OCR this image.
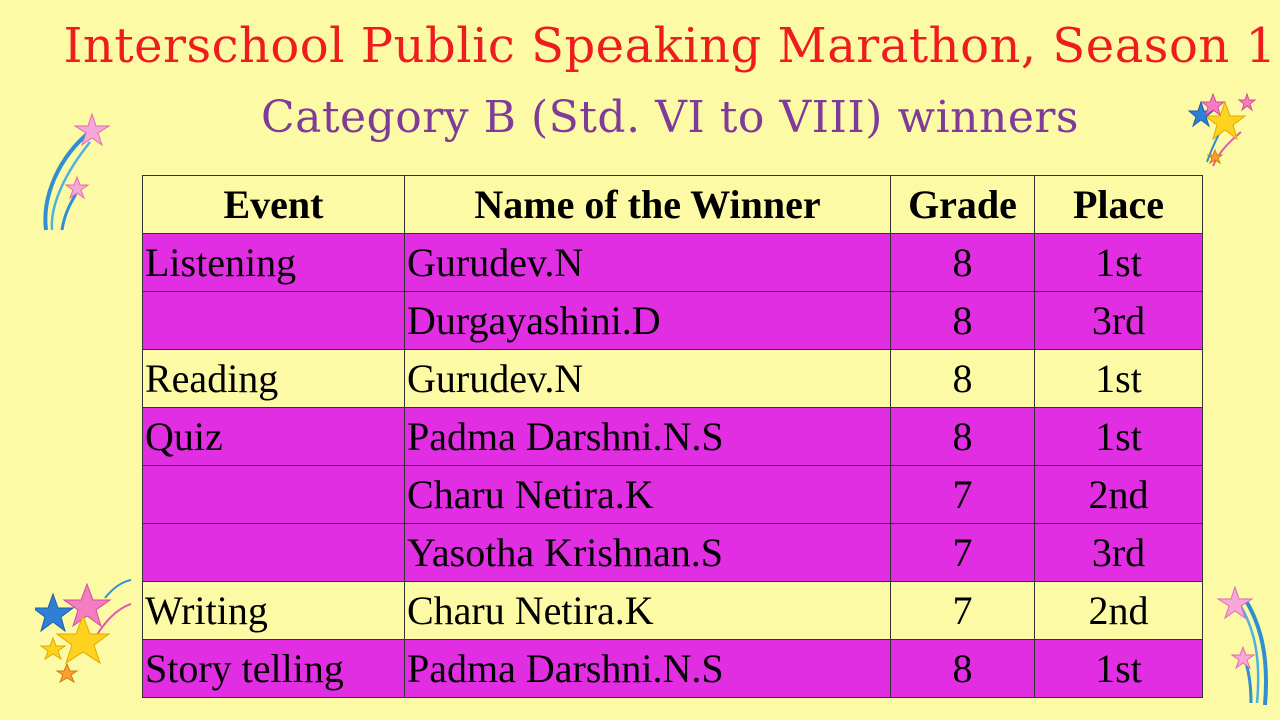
Interschool Public Speaking Marathon, Season 1
Category B (Std. VI to VIII) winners
Event	Name of the Winner	Grade	Place
Listening	Gurudev.N	8	1st
	Durgayashini.D	8	3rd
Reading	Gurudev.N	8	1st
Quiz	Padma Darshni.N.S	8	1st
	Charu Netira.K	7	2nd
	Yasotha Krishnan.S	7	3rd
Writing	Charu Netira.K	7	2nd
Story telling	Padma Darshni.N.S	8	1st
